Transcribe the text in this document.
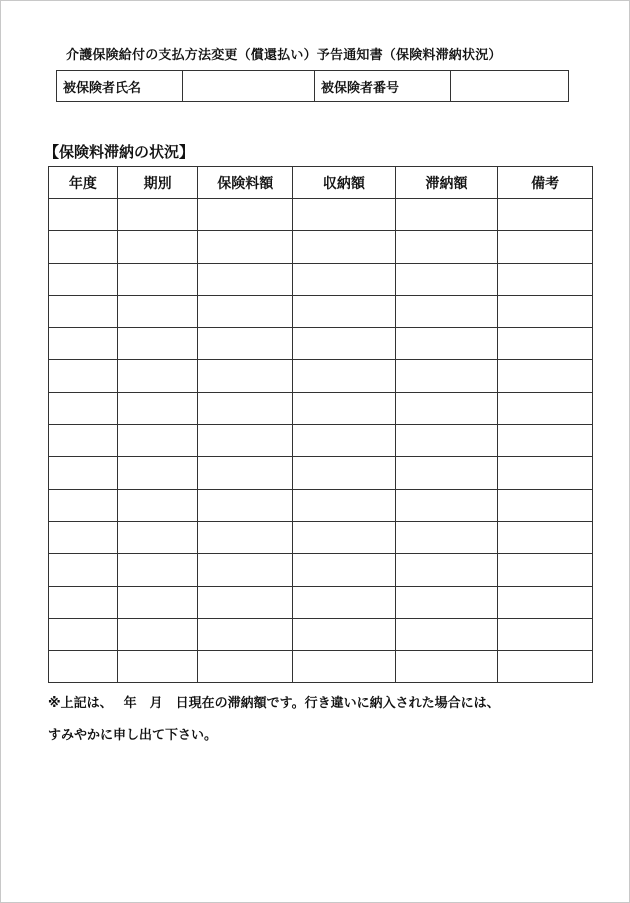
介護保険給付の支払方法変更（償還払い）予告通知書（保険料滞納状況）
被保険者氏名		被保険者番号	
【保険料滞納の状況】
年度	期別	保険料額	収納額	滞納額	備考

※上記は、　 年　月　日現在の滞納額です。行き違いに納入された場合には、
すみやかに申し出て下さい。
